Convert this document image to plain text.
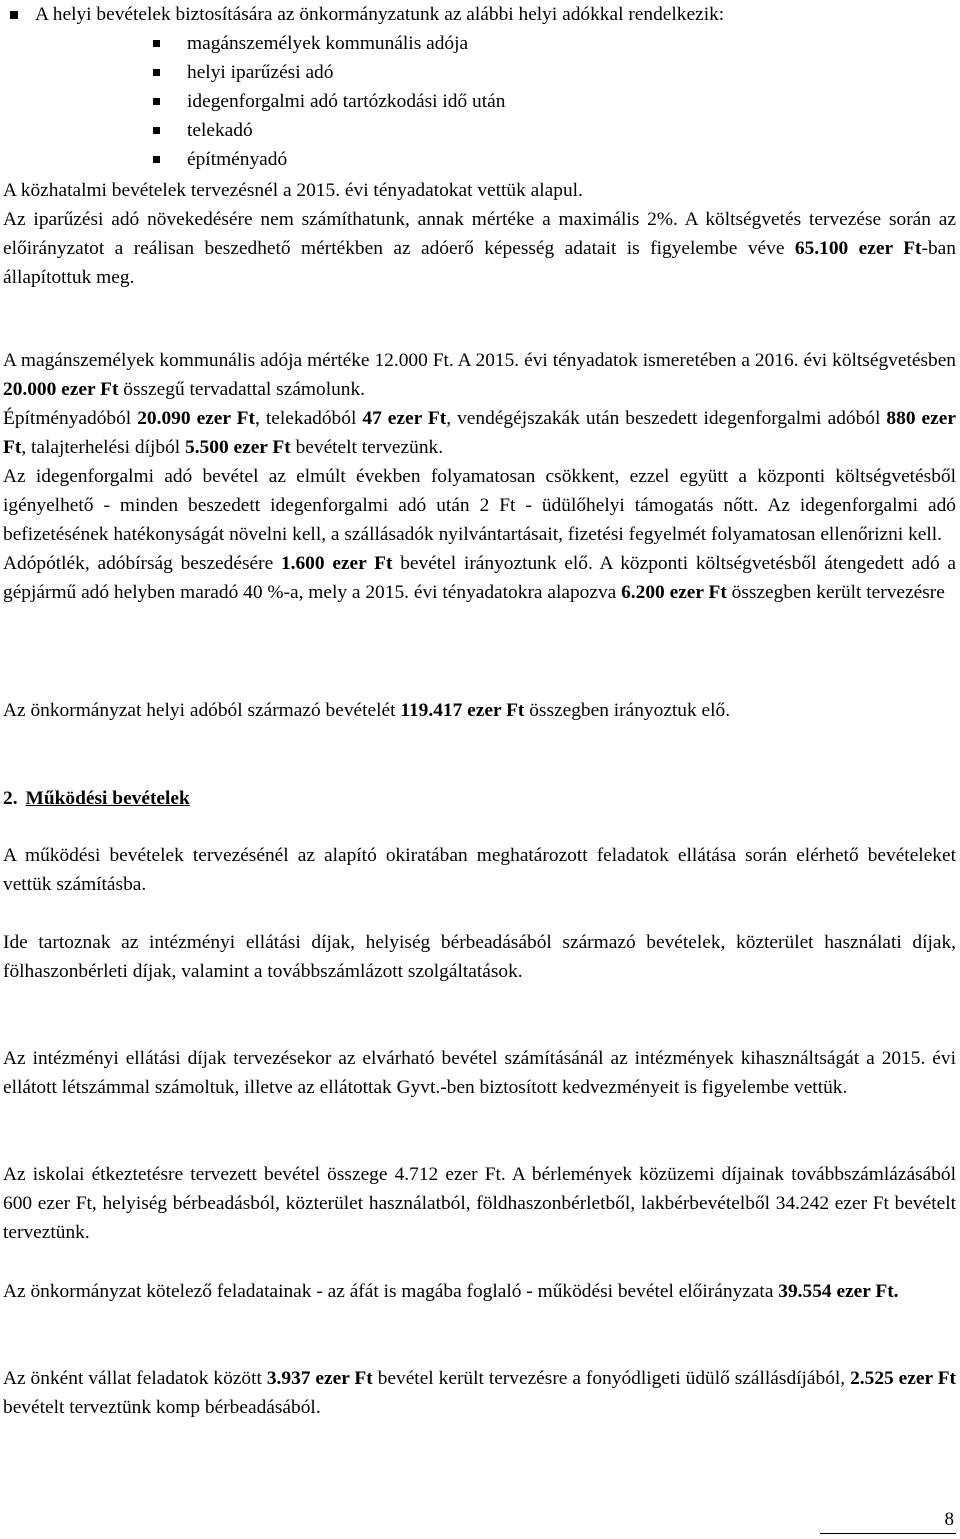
A helyi bevételek biztosítására az önkormányzatunk az alábbi helyi adókkal rendelkezik:
magánszemélyek kommunális adója
helyi iparűzési adó
idegenforgalmi adó tartózkodási idő után
telekadó
építményadó

A közhatalmi bevételek tervezésnél a 2015. évi tényadatokat vettük alapul.

Az iparűzési adó növekedésére nem számíthatunk, annak mértéke a maximális 2%. A költségvetés tervezése során az előirányzatot a reálisan beszedhető mértékben az adóerő képesség adatait is figyelembe véve 65.100 ezer Ft-ban állapítottuk meg.

A magánszemélyek kommunális adója mértéke 12.000 Ft. A 2015. évi tényadatok ismeretében a 2016. évi költségvetésben 20.000 ezer Ft összegű tervadattal számolunk.

Építményadóból 20.090 ezer Ft, telekadóból 47 ezer Ft, vendégéjszakák után beszedett idegenforgalmi adóból 880 ezer Ft, talajterhelési díjból 5.500 ezer Ft bevételt tervezünk.

Az idegenforgalmi adó bevétel az elmúlt években folyamatosan csökkent, ezzel együtt a központi költségvetésből igényelhető - minden beszedett idegenforgalmi adó után 2 Ft - üdülőhelyi támogatás nőtt. Az idegenforgalmi adó befizetésének hatékonyságát növelni kell, a szállásadók nyilvántartásait, fizetési fegyelmét folyamatosan ellenőrizni kell.

Adópótlék, adóbírság beszedésére 1.600 ezer Ft bevétel irányoztunk elő. A központi költségvetésből átengedett adó a gépjármű adó helyben maradó 40 %-a, mely a 2015. évi tényadatokra alapozva 6.200 ezer Ft összegben került tervezésre

Az önkormányzat helyi adóból származó bevételét 119.417 ezer Ft összegben irányoztuk elő.

2. Működési bevételek

A működési bevételek tervezésénél az alapító okiratában meghatározott feladatok ellátása során elérhető bevételeket vettük számításba.

Ide tartoznak az intézményi ellátási díjak, helyiség bérbeadásából származó bevételek, közterület használati díjak, fölhaszonbérleti díjak, valamint a továbbszámlázott szolgáltatások.

Az intézményi ellátási díjak tervezésekor az elvárható bevétel számításánál az intézmények kihasználtságát a 2015. évi ellátott létszámmal számoltuk, illetve az ellátottak Gyvt.-ben biztosított kedvezményeit is figyelembe vettük.

Az iskolai étkeztetésre tervezett bevétel összege 4.712 ezer Ft. A bérlemények közüzemi díjainak továbbszámlázásából 600 ezer Ft, helyiség bérbeadásból, közterület használatból, földhaszonbérletből, lakbérbevételből 34.242 ezer Ft bevételt terveztünk.

Az önkormányzat kötelező feladatainak - az áfát is magába foglaló - működési bevétel előirányzata 39.554 ezer Ft.

Az önként vállat feladatok között 3.937 ezer Ft bevétel került tervezésre a fonyódligeti üdülő szállásdíjából, 2.525 ezer Ft bevételt terveztünk komp bérbeadásából.

8
